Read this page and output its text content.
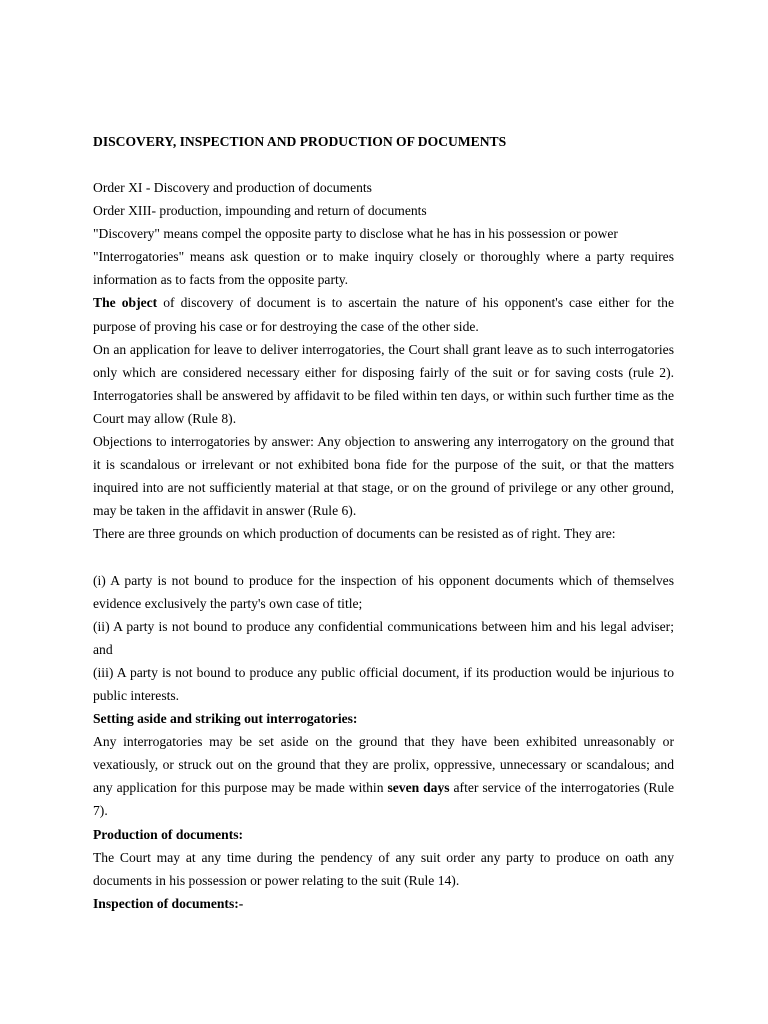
DISCOVERY, INSPECTION AND PRODUCTION OF DOCUMENTS

Order XI - Discovery and production of documents

Order XIII- production, impounding and return of documents

"Discovery" means compel the opposite party to disclose what he has in his possession or power

"Interrogatories" means ask question or to make inquiry closely or thoroughly where a party requires information as to facts from the opposite party.

The object of discovery of document is to ascertain the nature of his opponent's case either for the purpose of proving his case or for destroying the case of the other side.

On an application for leave to deliver interrogatories, the Court shall grant leave as to such interrogatories only which are considered necessary either for disposing fairly of the suit or for saving costs (rule 2). Interrogatories shall be answered by affidavit to be filed within ten days, or within such further time as the Court may allow (Rule 8).

Objections to interrogatories by answer: Any objection to answering any interrogatory on the ground that it is scandalous or irrelevant or not exhibited bona fide for the purpose of the suit, or that the matters inquired into are not sufficiently material at that stage, or on the ground of privilege or any other ground, may be taken in the affidavit in answer (Rule 6).

There are three grounds on which production of documents can be resisted as of right. They are:

(i) A party is not bound to produce for the inspection of his opponent documents which of themselves evidence exclusively the party's own case of title;

(ii) A party is not bound to produce any confidential communications between him and his legal adviser; and

(iii) A party is not bound to produce any public official document, if its production would be injurious to public interests.

Setting aside and striking out interrogatories:

Any interrogatories may be set aside on the ground that they have been exhibited unreasonably or vexatiously, or struck out on the ground that they are prolix, oppressive, unnecessary or scandalous; and any application for this purpose may be made within seven days after service of the interrogatories (Rule 7).

Production of documents:

The Court may at any time during the pendency of any suit order any party to produce on oath any documents in his possession or power relating to the suit (Rule 14).

Inspection of documents:-
